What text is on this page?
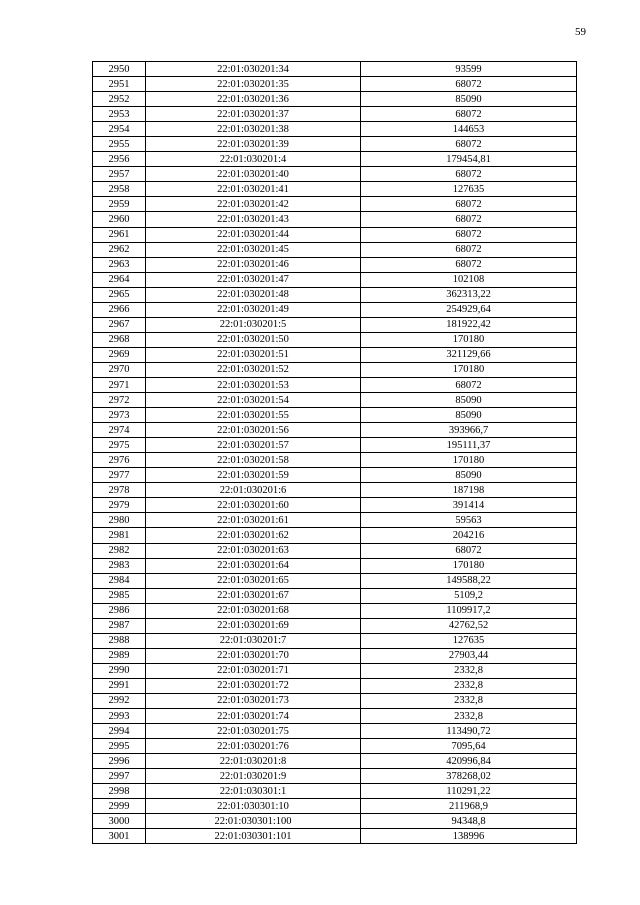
59
2950	22:01:030201:34	93599
2951	22:01:030201:35	68072
2952	22:01:030201:36	85090
2953	22:01:030201:37	68072
2954	22:01:030201:38	144653
2955	22:01:030201:39	68072
2956	22:01:030201:4	179454,81
2957	22:01:030201:40	68072
2958	22:01:030201:41	127635
2959	22:01:030201:42	68072
2960	22:01:030201:43	68072
2961	22:01:030201:44	68072
2962	22:01:030201:45	68072
2963	22:01:030201:46	68072
2964	22:01:030201:47	102108
2965	22:01:030201:48	362313,22
2966	22:01:030201:49	254929,64
2967	22:01:030201:5	181922,42
2968	22:01:030201:50	170180
2969	22:01:030201:51	321129,66
2970	22:01:030201:52	170180
2971	22:01:030201:53	68072
2972	22:01:030201:54	85090
2973	22:01:030201:55	85090
2974	22:01:030201:56	393966,7
2975	22:01:030201:57	195111,37
2976	22:01:030201:58	170180
2977	22:01:030201:59	85090
2978	22:01:030201:6	187198
2979	22:01:030201:60	391414
2980	22:01:030201:61	59563
2981	22:01:030201:62	204216
2982	22:01:030201:63	68072
2983	22:01:030201:64	170180
2984	22:01:030201:65	149588,22
2985	22:01:030201:67	5109,2
2986	22:01:030201:68	1109917,2
2987	22:01:030201:69	42762,52
2988	22:01:030201:7	127635
2989	22:01:030201:70	27903,44
2990	22:01:030201:71	2332,8
2991	22:01:030201:72	2332,8
2992	22:01:030201:73	2332,8
2993	22:01:030201:74	2332,8
2994	22:01:030201:75	113490,72
2995	22:01:030201:76	7095,64
2996	22:01:030201:8	420996,84
2997	22:01:030201:9	378268,02
2998	22:01:030301:1	110291,22
2999	22:01:030301:10	211968,9
3000	22:01:030301:100	94348,8
3001	22:01:030301:101	138996
